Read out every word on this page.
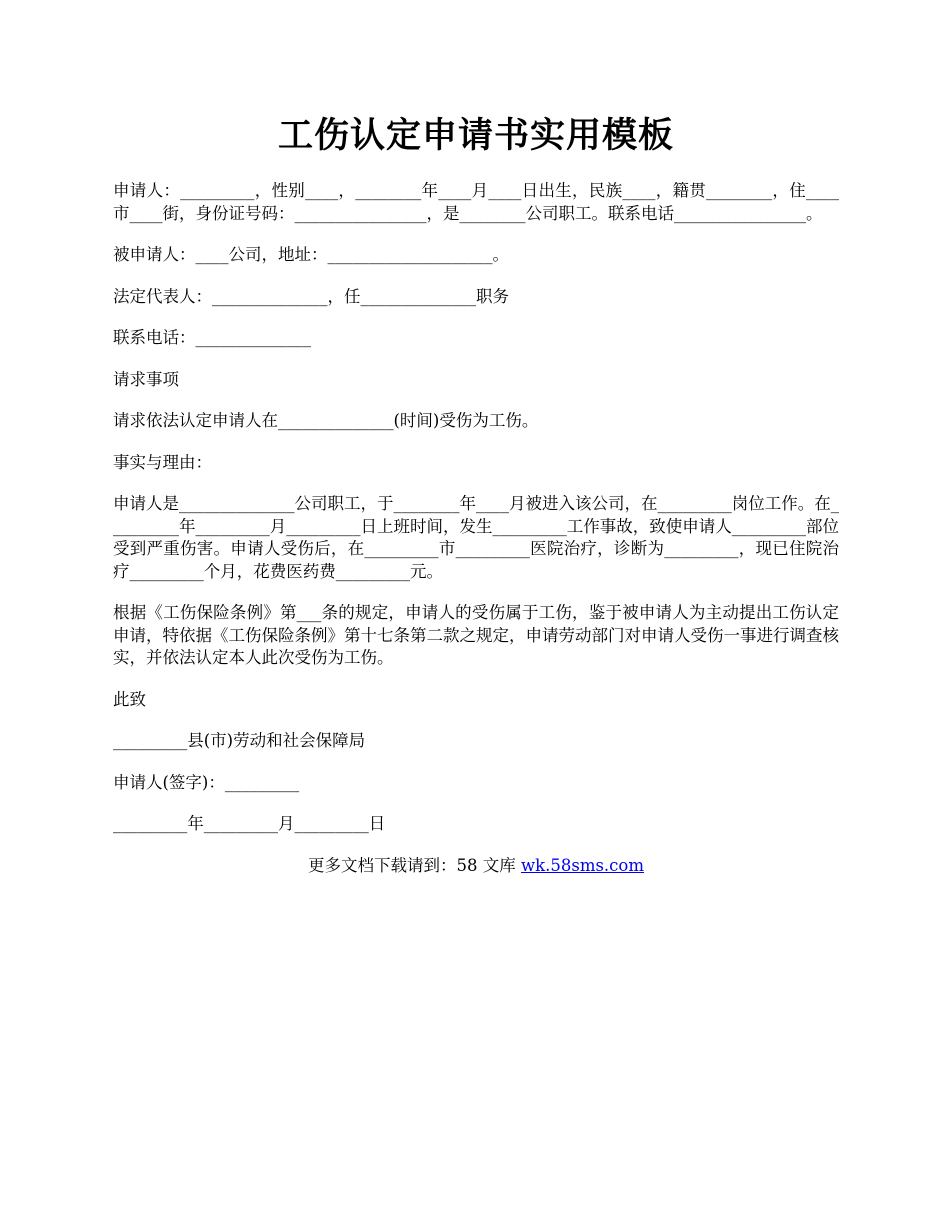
工伤认定申请书实用模板

申请人：_________，性别____，________年____月____日出生，民族____，籍贯________，住____市____街，身份证号码：________________，是________公司职工。联系电话________________。

被申请人：____公司，地址：____________________。

法定代表人：______________，任______________职务

联系电话：______________

请求事项

请求依法认定申请人在______________(时间)受伤为工伤。

事实与理由：

申请人是______________公司职工，于________年____月被进入该公司，在_________岗位工作。在_________年_________月_________日上班时间，发生_________工作事故，致使申请人_________部位受到严重伤害。申请人受伤后，在_________市_________医院治疗，诊断为_________，现已住院治疗_________个月，花费医药费_________元。

根据《工伤保险条例》第___条的规定，申请人的受伤属于工伤，鉴于被申请人为主动提出工伤认定申请，特依据《工伤保险条例》第十七条第二款之规定，申请劳动部门对申请人受伤一事进行调查核实，并依法认定本人此次受伤为工伤。

此致

_________县(市)劳动和社会保障局

申请人(签字)：_________

_________年_________月_________日

更多文档下载请到：58 文库 wk.58sms.com
